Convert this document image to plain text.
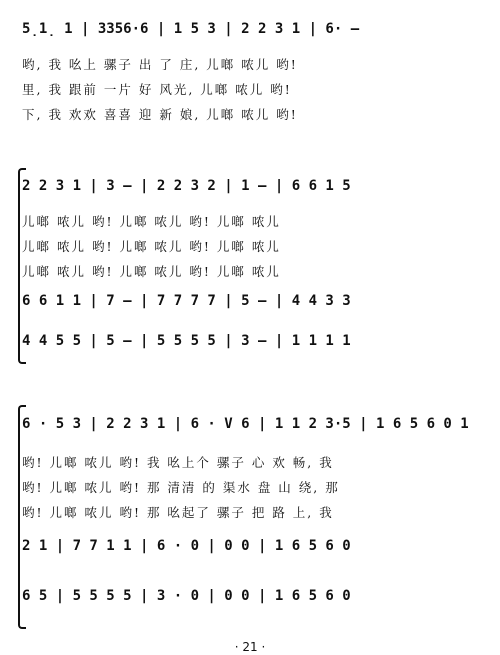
5̣1̣ 1 | 3356·6 | 1 5 3 | 2 2 3 1 | 6· —
哟, 我 吆上 骡子 出 了 庄, 儿啷 哝儿 哟!
里, 我 跟前 一片 好 风光, 儿啷 哝儿 哟!
下, 我 欢欢 喜喜 迎 新 娘, 儿啷 哝儿 哟!
2 2 3 1 | 3 — | 2 2 3 2 | 1 — | 6 6 1 5
儿啷 哝儿 哟! 儿啷 哝儿 哟! 儿啷 哝儿
儿啷 哝儿 哟! 儿啷 哝儿 哟! 儿啷 哝儿
儿啷 哝儿 哟! 儿啷 哝儿 哟! 儿啷 哝儿
6 6 1 1 | 7 — | 7 7 7 7 | 5 — | 4 4 3 3
4 4 5 5 | 5 — | 5 5 5 5 | 3 — | 1 1 1 1
6 · 5 3 | 2 2 3 1 | 6 · V 6 | 1 1 2 3·5 | 1 6 5 6 0 1
哟! 儿啷 哝儿 哟! 我 吆上个 骡子 心 欢 畅, 我
哟! 儿啷 哝儿 哟! 那 清清 的 渠水 盘 山 绕, 那
哟! 儿啷 哝儿 哟! 那 吆起了 骡子 把 路 上, 我
2 1 | 7 7 1 1 | 6 · 0 | 0 0 | 1 6 5 6 0
6 5 | 5 5 5 5 | 3 · 0 | 0 0 | 1 6 5 6 0
· 21 ·
